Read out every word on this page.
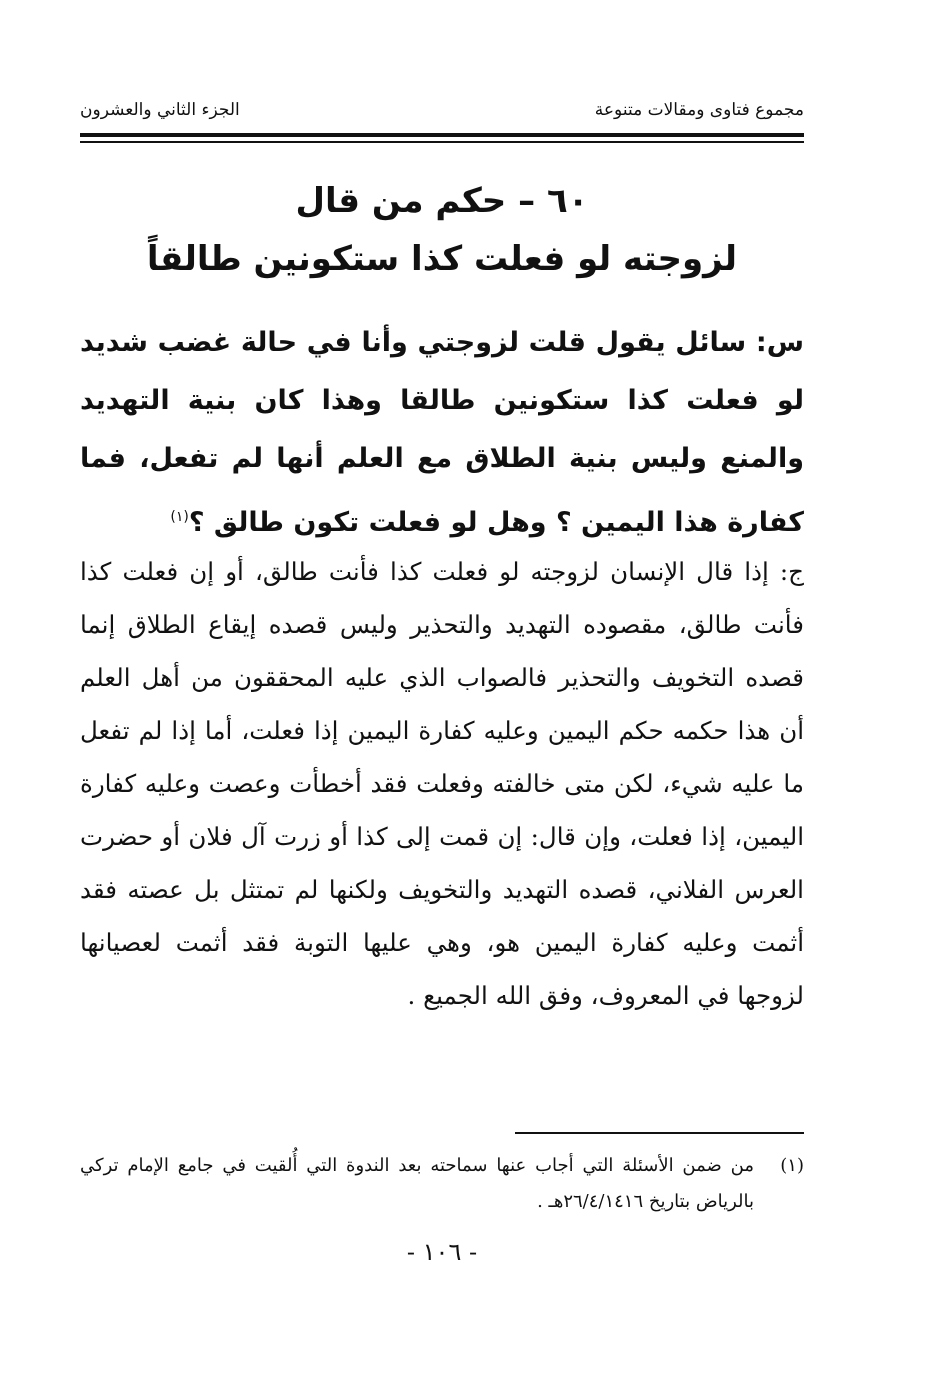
مجموع فتاوى ومقالات متنوعة
الجزء الثاني والعشرون
٦٠ – حكم من قال
لزوجته لو فعلت كذا ستكونين طالقاً
س: سائل يقول قلت لزوجتي وأنا في حالة غضب شديد لو فعلت كذا ستكونين طالقا وهذا كان بنية التهديد والمنع وليس بنية الطلاق مع العلم أنها لم تفعل، فما كفارة هذا اليمين ؟ وهل لو فعلت تكون طالق ؟$^{(١)}$
ج: إذا قال الإنسان لزوجته لو فعلت كذا فأنت طالق، أو إن فعلت كذا فأنت طالق، مقصوده التهديد والتحذير وليس قصده إيقاع الطلاق إنما قصده التخويف والتحذير فالصواب الذي عليه المحققون من أهل العلم أن هذا حكمه حكم اليمين وعليه كفارة اليمين إذا فعلت، أما إذا لم تفعل ما عليه شيء، لكن متى خالفته وفعلت فقد أخطأت وعصت وعليه كفارة اليمين، إذا فعلت، وإن قال: إن قمت إلى كذا أو زرت آل فلان أو حضرت العرس الفلاني، قصده التهديد والتخويف ولكنها لم تمتثل بل عصته فقد أثمت وعليه كفارة اليمين هو، وهي عليها التوبة فقد أثمت لعصيانها لزوجها في المعروف، وفق الله الجميع .
(١)
من ضمن الأسئلة التي أجاب عنها سماحته بعد الندوة التي أُلقيت في جامع الإمام تركي بالرياض بتاريخ ٢٦/٤/١٤١٦هـ .
- ١٠٦ -
